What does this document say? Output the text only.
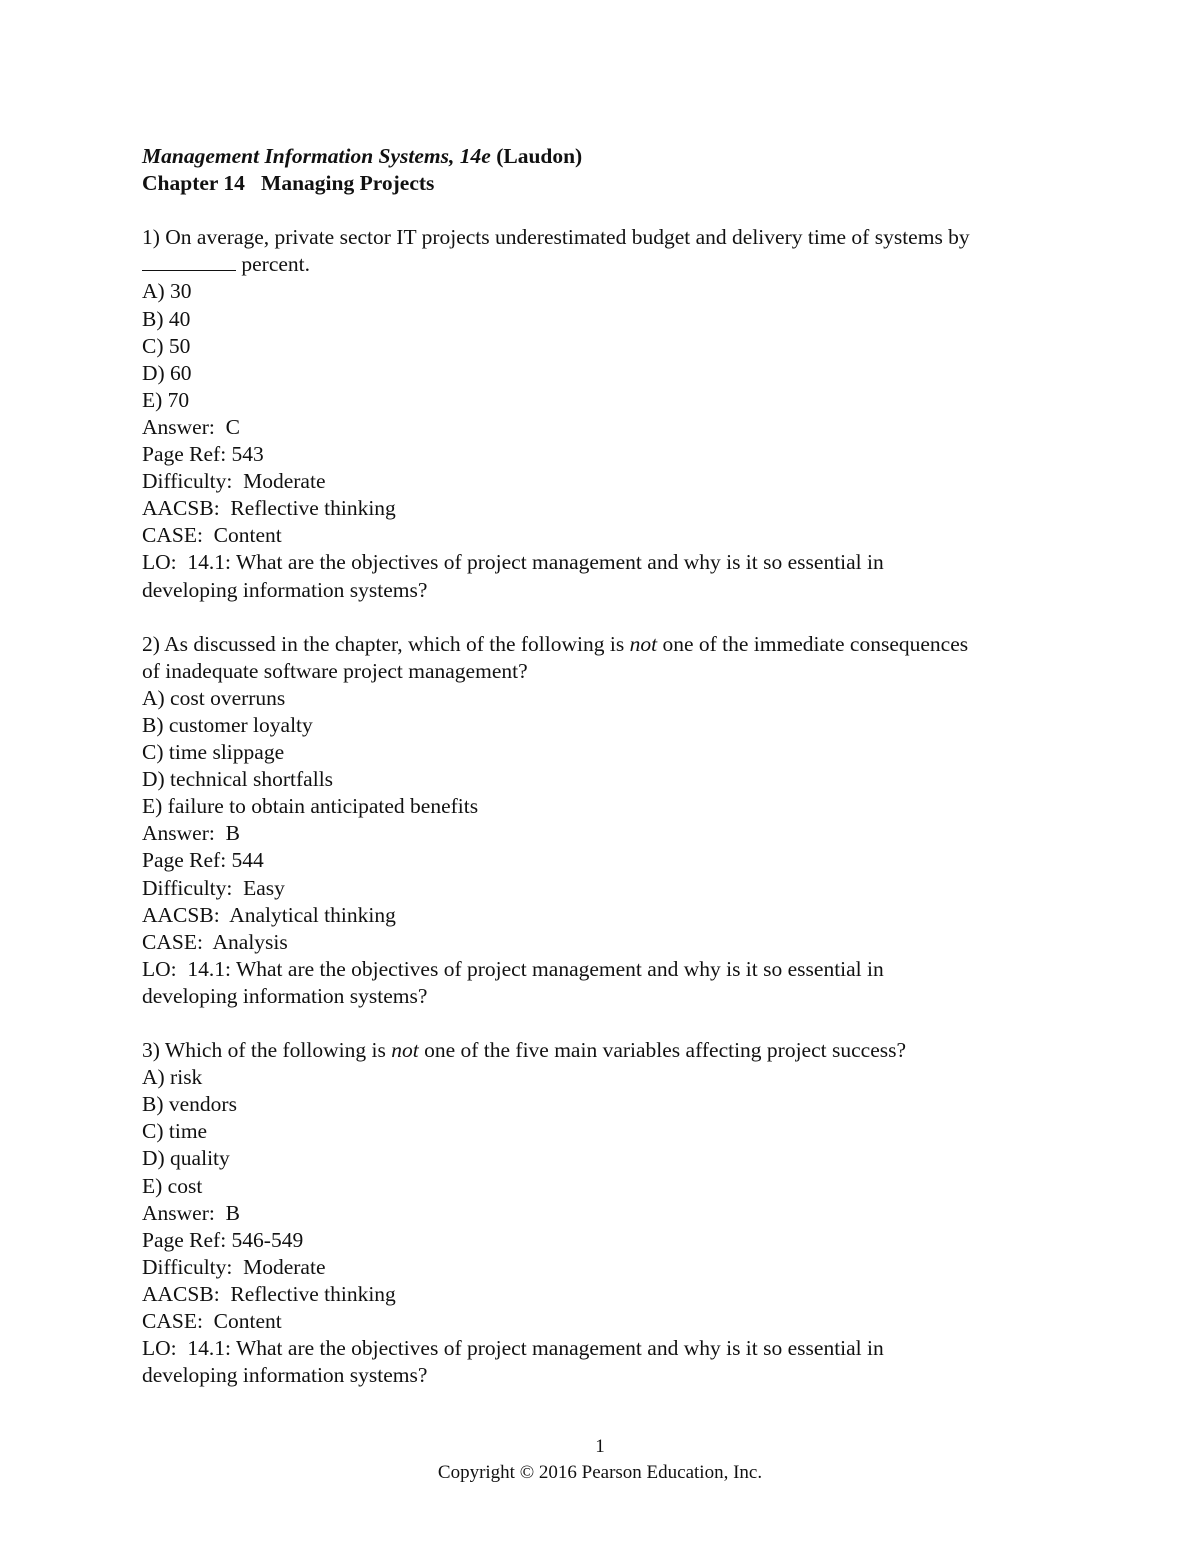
Management Information Systems, 14e (Laudon)
Chapter 14   Managing Projects
1) On average, private sector IT projects underestimated budget and delivery time of systems by
percent.
A) 30
B) 40
C) 50
D) 60
E) 70
Answer:  C
Page Ref: 543
Difficulty:  Moderate
AACSB:  Reflective thinking
CASE:  Content
LO:  14.1: What are the objectives of project management and why is it so essential in
developing information systems?
2) As discussed in the chapter, which of the following is not one of the immediate consequences
of inadequate software project management?
A) cost overruns
B) customer loyalty
C) time slippage
D) technical shortfalls
E) failure to obtain anticipated benefits
Answer:  B
Page Ref: 544
Difficulty:  Easy
AACSB:  Analytical thinking
CASE:  Analysis
LO:  14.1: What are the objectives of project management and why is it so essential in
developing information systems?
3) Which of the following is not one of the five main variables affecting project success?
A) risk
B) vendors
C) time
D) quality
E) cost
Answer:  B
Page Ref: 546-549
Difficulty:  Moderate
AACSB:  Reflective thinking
CASE:  Content
LO:  14.1: What are the objectives of project management and why is it so essential in
developing information systems?
1
Copyright © 2016 Pearson Education, Inc.
